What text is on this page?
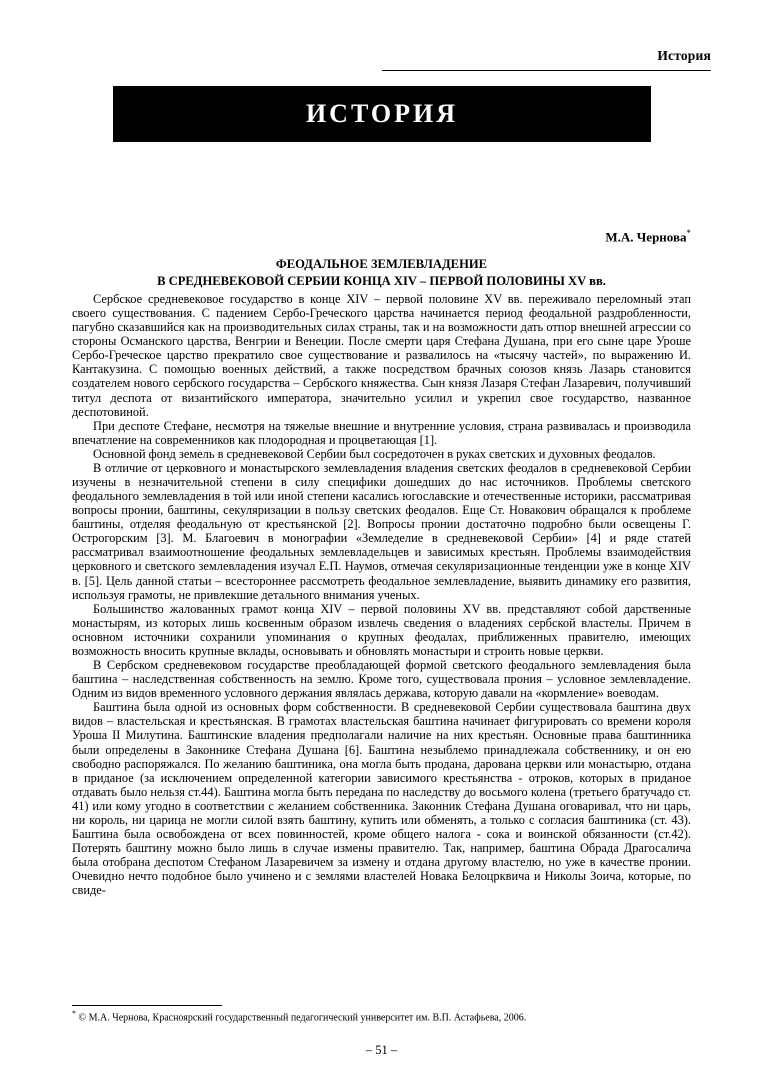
История
ИСТОРИЯ
М.А. Чернова*
ФЕОДАЛЬНОЕ ЗЕМЛЕВЛАДЕНИЕ
В СРЕДНЕВЕКОВОЙ СЕРБИИ КОНЦА XIV – ПЕРВОЙ ПОЛОВИНЫ XV вв.

Сербское средневековое государство в конце XIV – первой половине XV вв. переживало переломный этап своего существования. С падением Сербо-Греческого царства начинается период феодальной раздробленности, пагубно сказавшийся как на производительных силах страны, так и на возможности дать отпор внешней агрессии со стороны Османского царства, Венгрии и Венеции. После смерти царя Стефана Душана, при его сыне царе Уроше Сербо-Греческое царство прекратило свое существование и развалилось на «тысячу частей», по выражению И. Кантакузина. С помощью военных действий, а также посредством брачных союзов князь Лазарь становится создателем нового сербского государства – Сербского княжества. Сын князя Лазаря Стефан Лазаревич, получивший титул деспота от византийского императора, значительно усилил и укрепил свое государство, названное деспотовиной.

При деспоте Стефане, несмотря на тяжелые внешние и внутренние условия, страна развивалась и производила впечатление на современников как плодородная и процветающая [1].

Основной фонд земель в средневековой Сербии был сосредоточен в руках светских и духовных феодалов.

В отличие от церковного и монастырского землевладения владения светских феодалов в средневековой Сербии изучены в незначительной степени в силу специфики дошедших до нас источников. Проблемы светского феодального землевладения в той или иной степени касались югославские и отечественные историки, рассматривая вопросы пронии, баштины, секуляризации в пользу светских феодалов. Еще Ст. Новакович обращался к проблеме баштины, отделяя феодальную от крестьянской [2]. Вопросы пронии достаточно подробно были освещены Г. Острогорским [3]. М. Благоевич в монографии «Земледелие в средневековой Сербии» [4] и ряде статей рассматривал взаимоотношение феодальных землевладельцев и зависимых крестьян. Проблемы взаимодействия церковного и светского землевладения изучал Е.П. Наумов, отмечая секуляризационные тенденции уже в конце XIV в. [5]. Цель данной статьи – всестороннее рассмотреть феодальное землевладение, выявить динамику его развития, используя грамоты, не привлекшие детального внимания ученых.

Большинство жалованных грамот конца XIV – первой половины XV вв. представляют собой дарственные монастырям, из которых лишь косвенным образом извлечь сведения о владениях сербской властелы. Причем в основном источники сохранили упоминания о крупных феодалах, приближенных правителю, имеющих возможность вносить крупные вклады, основывать и обновлять монастыри и строить новые церкви.

В Сербском средневековом государстве преобладающей формой светского феодального землевладения была баштина – наследственная собственность на землю. Кроме того, существовала прония – условное землевладение. Одним из видов временного условного держания являлась держава, которую давали на «кормление» воеводам.

Баштина была одной из основных форм собственности. В средневековой Сербии существовала баштина двух видов – властельская и крестьянская. В грамотах властельская баштина начинает фигурировать со времени короля Уроша II Милутина. Баштинские владения предполагали наличие на них крестьян. Основные права баштинника были определены в Законнике Стефана Душана [6]. Баштина незыблемо принадлежала собственнику, и он ею свободно распоряжался. По желанию баштиника, она могла быть продана, дарована церкви или монастырю, отдана в приданое (за исключением определенной категории зависимого крестьянства - отроков, которых в приданое отдавать было нельзя ст.44). Баштина могла быть передана по наследству до восьмого колена (третьего братучадо ст. 41) или кому угодно в соответствии с желанием собственника. Законник Стефана Душана оговаривал, что ни царь, ни король, ни царица не могли силой взять баштину, купить или обменять, а только с согласия баштиника (ст. 43). Баштина была освобождена от всех повинностей, кроме общего налога - сока и воинской обязанности (ст.42). Потерять баштину можно было лишь в случае измены правителю. Так, например, баштина Обрада Драгосалича была отобрана деспотом Стефаном Лазаревичем за измену и отдана другому властелю, но уже в качестве пронии. Очевидно нечто подобное было учинено и с землями властелей Новака Белоцрквича и Николы Зоича, которые, по свиде-

* © М.А. Чернова, Красноярский государственный педагогический университет им. В.П. Астафьева, 2006.
– 51 –
